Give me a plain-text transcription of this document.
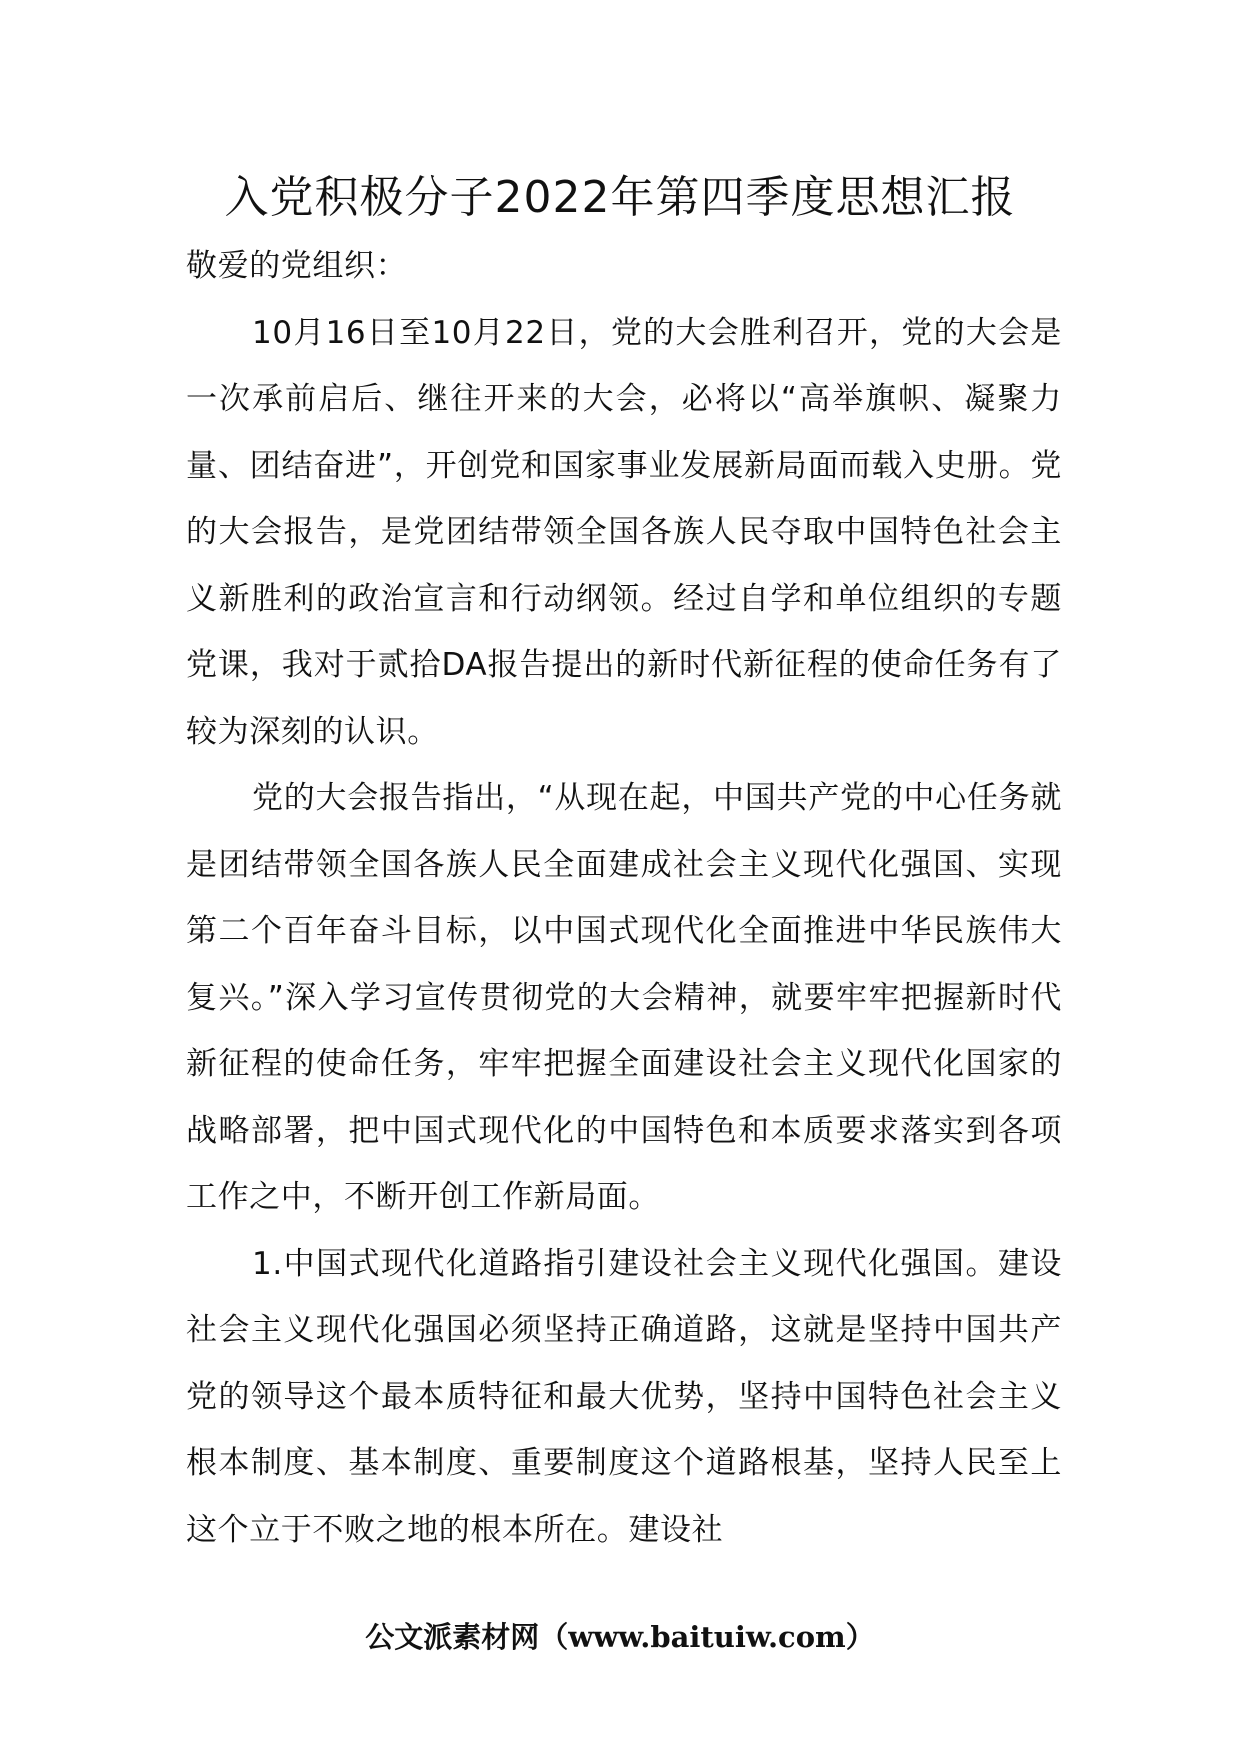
入党积极分子2022年第四季度思想汇报

敬爱的党组织：

10月16日至10月22日，党的大会胜利召开，党的大会是一次承前启后、继往开来的大会，必将以“高举旗帜、凝聚力量、团结奋进”，开创党和国家事业发展新局面而载入史册。党的大会报告，是党团结带领全国各族人民夺取中国特色社会主义新胜利的政治宣言和行动纲领。经过自学和单位组织的专题党课，我对于贰拾DA报告提出的新时代新征程的使命任务有了较为深刻的认识。

党的大会报告指出，“从现在起，中国共产党的中心任务就是团结带领全国各族人民全面建成社会主义现代化强国、实现第二个百年奋斗目标，以中国式现代化全面推进中华民族伟大复兴。”深入学习宣传贯彻党的大会精神，就要牢牢把握新时代新征程的使命任务，牢牢把握全面建设社会主义现代化国家的战略部署，把中国式现代化的中国特色和本质要求落实到各项工作之中，不断开创工作新局面。

1.中国式现代化道路指引建设社会主义现代化强国。建设社会主义现代化强国必须坚持正确道路，这就是坚持中国共产党的领导这个最本质特征和最大优势，坚持中国特色社会主义根本制度、基本制度、重要制度这个道路根基，坚持人民至上这个立于不败之地的根本所在。建设社

公文派素材网（www.baituiw.com）
